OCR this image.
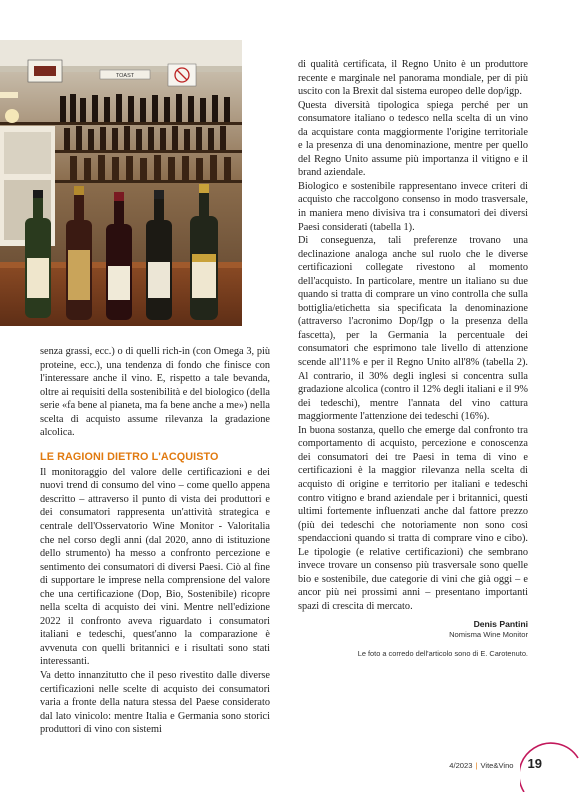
TOAST

senza grassi, ecc.) o di quelli rich-in (con Omega 3, più proteine, ecc.), una tendenza di fondo che finisce con l'interessare anche il vino. E, rispetto a tale bevanda, oltre ai requisiti della sostenibilità e del biologico (della serie «fa bene al pianeta, ma fa bene anche a me») nella scelta di acquisto assume rilevanza la gradazione alcolica.

LE RAGIONI DIETRO L'ACQUISTO

Il monitoraggio del valore delle certificazioni e dei nuovi trend di consumo del vino – come quello appena descritto – attraverso il punto di vista dei produttori e dei consumatori rappresenta un'attività strategica e centrale dell'Osservatorio Wine Monitor - Valoritalia che nel corso degli anni (dal 2020, anno di istituzione dello strumento) ha messo a confronto percezione e sentimento dei consumatori di diversi Paesi. Ciò al fine di supportare le imprese nella comprensione del valore che una certificazione (Dop, Bio, Sostenibile) ricopre nella scelta di acquisto dei vini. Mentre nell'edizione 2022 il confronto aveva riguardato i consumatori italiani e tedeschi, quest'anno la comparazione è avvenuta con quelli britannici e i risultati sono stati interessanti.

Va detto innanzitutto che il peso rivestito dalle diverse certificazioni nelle scelte di acquisto dei consumatori varia a fronte della natura stessa del Paese considerato dal lato vinicolo: mentre Italia e Germania sono storici produttori di vino con sistemi

di qualità certificata, il Regno Unito è un produttore recente e marginale nel panorama mondiale, per di più uscito con la Brexit dal sistema europeo delle dop/igp.

Questa diversità tipologica spiega perché per un consumatore italiano o tedesco nella scelta di un vino da acquistare conta maggiormente l'origine territoriale e la presenza di una denominazione, mentre per quello del Regno Unito assume più importanza il vitigno e il brand aziendale.

Biologico e sostenibile rappresentano invece criteri di acquisto che raccolgono consenso in modo trasversale, in maniera meno divisiva tra i consumatori dei diversi Paesi considerati (tabella 1).

Di conseguenza, tali preferenze trovano una declinazione analoga anche sul ruolo che le diverse certificazioni collegate rivestono al momento dell'acquisto. In particolare, mentre un italiano su due quando si tratta di comprare un vino controlla che sulla bottiglia/etichetta sia specificata la denominazione (attraverso l'acronimo Dop/Igp o la presenza della fascetta), per la Germania la percentuale dei consumatori che esprimono tale livello di attenzione scende all'11% e per il Regno Unito all'8% (tabella 2). Al contrario, il 30% degli inglesi si concentra sulla gradazione alcolica (contro il 12% degli italiani e il 9% dei tedeschi), mentre l'annata del vino cattura maggiormente l'attenzione dei tedeschi (16%).

In buona sostanza, quello che emerge dal confronto tra comportamento di acquisto, percezione e conoscenza dei consumatori dei tre Paesi in tema di vino e certificazioni è la maggior rilevanza nella scelta di acquisto di origine e territorio per italiani e tedeschi contro vitigno e brand aziendale per i britannici, questi ultimi fortemente influenzati anche dal fattore prezzo (più dei tedeschi che notoriamente non sono così spendaccioni quando si tratta di comprare vino e cibo). Le tipologie (e relative certificazioni) che sembrano invece trovare un consenso più trasversale sono quelle bio e sostenibile, due categorie di vini che già oggi – e ancor più nei prossimi anni – presentano importanti spazi di crescita di mercato.

Denis Pantini
Nomisma Wine Monitor
Le foto a corredo dell'articolo sono di E. Carotenuto.
4/2023 | Vite&Vino 19
